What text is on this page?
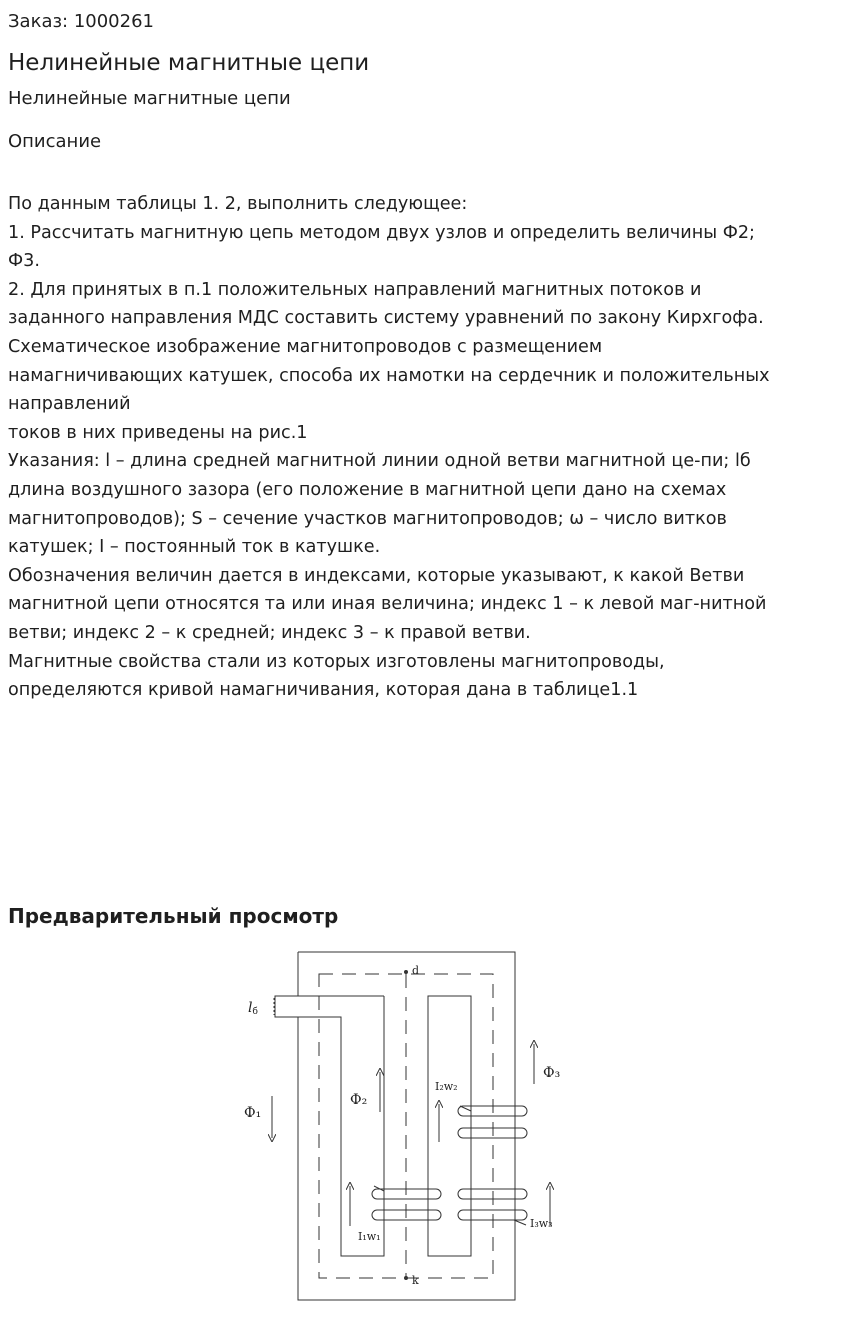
Заказ: 1000261
Нелинейные магнитные цепи
Нелинейные магнитные цепи
Описание
По данным таблицы 1. 2, выполнить следующее:
1. Рассчитать магнитную цепь методом двух узлов и определить величины Ф2;
Ф3.
2. Для принятых в п.1 положительных направлений магнитных потоков и
заданного направления МДС составить систему уравнений по закону Кирхгофа.
Схематическое изображение магнитопроводов с размещением
намагничивающих катушек, способа их намотки на сердечник и положительных
направлений
токов в них приведены на рис.1
Указания: l – длина средней магнитной линии одной ветви магнитной це-пи; lб
длина воздушного зазора (его положение в магнитной цепи дано на схемах
магнитопроводов); S – сечение участков магнитопроводов; ω – число витков
катушек; I – постоянный ток в катушке.
Обозначения величин дается в индексами, которые указывают, к какой Ветви
магнитной цепи относятся та или иная величина; индекс 1 – к левой маг-нитной
ветви; индекс 2 – к средней; индекс 3 – к правой ветви.
Магнитные свойства стали из которых изготовлены магнитопроводы,
определяются кривой намагничивания, которая дана в таблице1.1
Предварительный просмотр
d
k
lб
Ф₁
Ф₂
Ф₃
I₂w₂
I₁w₁
I₃w₃
